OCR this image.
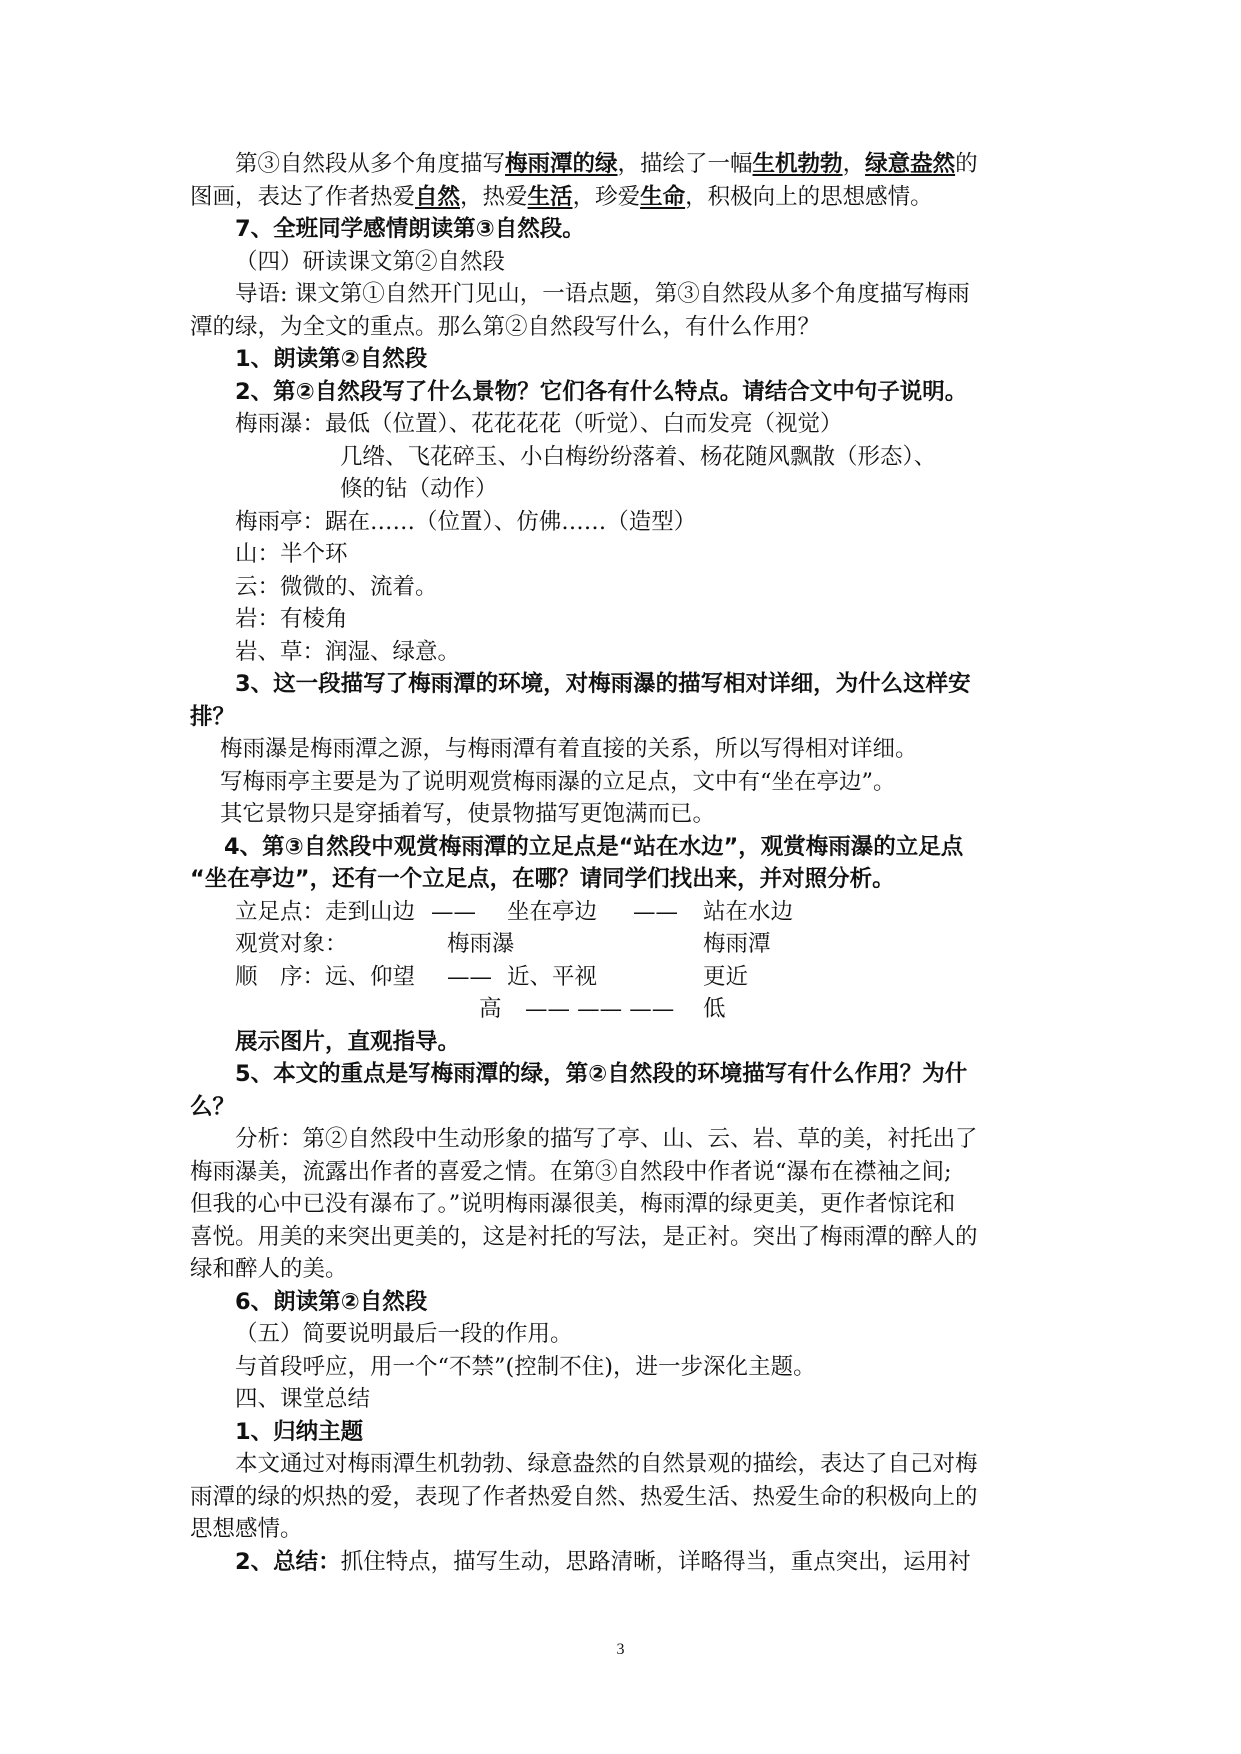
第③自然段从多个角度描写梅雨潭的绿，描绘了一幅生机勃勃，绿意盎然的
图画，表达了作者热爱自然，热爱生活，珍爱生命，积极向上的思想感情。
7、全班同学感情朗读第③自然段。
（四）研读课文第②自然段
导语: 课文第①自然开门见山，一语点题，第③自然段从多个角度描写梅雨
潭的绿，为全文的重点。那么第②自然段写什么，有什么作用？
1、朗读第②自然段
2、第②自然段写了什么景物？它们各有什么特点。请结合文中句子说明。
梅雨瀑：最低（位置）、花花花花（听觉）、白而发亮（视觉）
几绺、飞花碎玉、小白梅纷纷落着、杨花随风飘散（形态）、
倏的钻（动作）
梅雨亭：踞在……（位置）、仿佛……（造型）
山：半个环
云：微微的、流着。
岩：有棱角
岩、草：润湿、绿意。
3、这一段描写了梅雨潭的环境，对梅雨瀑的描写相对详细，为什么这样安
排？
梅雨瀑是梅雨潭之源，与梅雨潭有着直接的关系，所以写得相对详细。
写梅雨亭主要是为了说明观赏梅雨瀑的立足点，文中有“坐在亭边”。
其它景物只是穿插着写，使景物描写更饱满而已。
4、第③自然段中观赏梅雨潭的立足点是“站在水边”，观赏梅雨瀑的立足点
“坐在亭边”，还有一个立足点，在哪？请同学们找出来，并对照分析。
立足点：走到山边 —— 坐在亭边 —— 站在水边
观赏对象：	梅雨瀑	梅雨潭
顺　序：远、仰望 —— 近、平视	更近
高 —— —— —— 低
展示图片，直观指导。
5、本文的重点是写梅雨潭的绿，第②自然段的环境描写有什么作用？为什
么？
分析：第②自然段中生动形象的描写了亭、山、云、岩、草的美，衬托出了
梅雨瀑美，流露出作者的喜爱之情。在第③自然段中作者说“瀑布在襟袖之间;
但我的心中已没有瀑布了。”说明梅雨瀑很美，梅雨潭的绿更美，更作者惊诧和
喜悦。用美的来突出更美的，这是衬托的写法，是正衬。突出了梅雨潭的醉人的
绿和醉人的美。
6、朗读第②自然段
（五）简要说明最后一段的作用。
与首段呼应，用一个“不禁”(控制不住)，进一步深化主题。
四、课堂总结
1、归纳主题
本文通过对梅雨潭生机勃勃、绿意盎然的自然景观的描绘，表达了自己对梅
雨潭的绿的炽热的爱，表现了作者热爱自然、热爱生活、热爱生命的积极向上的
思想感情。
2、总结：抓住特点，描写生动，思路清晰，详略得当，重点突出，运用衬
3
